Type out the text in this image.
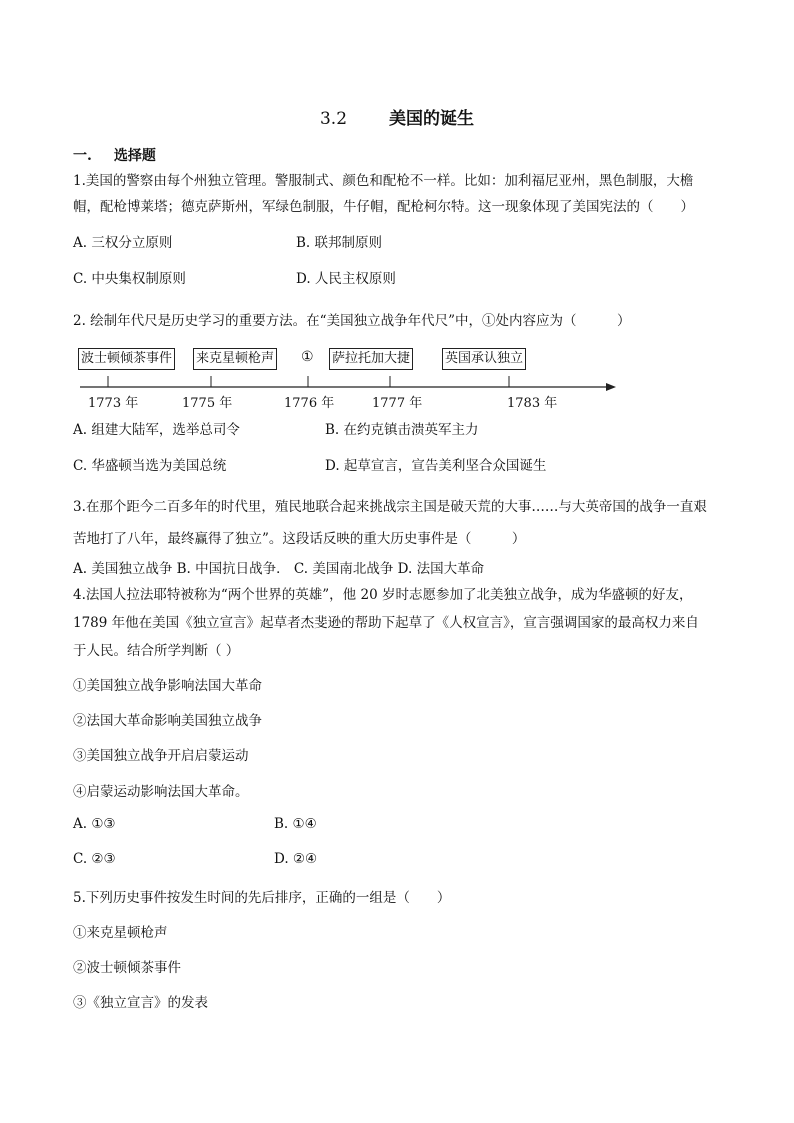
3.2 美国的诞生
一. 选择题
1.美国的警察由每个州独立管理。警服制式、颜色和配枪不一样。比如：加利福尼亚州，黑色制服，大檐
帽，配枪博莱塔；德克萨斯州，军绿色制服，牛仔帽，配枪柯尔特。这一现象体现了美国宪法的（　　）
A. 三权分立原则	B. 联邦制原则
C. 中央集权制原则	D. 人民主权原则
2. 绘制年代尺是历史学习的重要方法。在“美国独立战争年代尺”中，①处内容应为（　　　）
波士顿倾茶事件 来克星顿枪声 ① 萨拉托加大捷	英国承认独立
1773 年	1775 年	1776 年	1777 年	1783 年
A. 组建大陆军，选举总司令	B. 在约克镇击溃英军主力
C. 华盛顿当选为美国总统	D. 起草宣言，宣告美利坚合众国诞生
3.在那个距今二百多年的时代里，殖民地联合起来挑战宗主国是破天荒的大事……与大英帝国的战争一直艰
苦地打了八年，最终赢得了独立”。这段话反映的重大历史事件是（　　　）
A. 美国独立战争 B. 中国抗日战争． C. 美国南北战争 D. 法国大革命
4.法国人拉法耶特被称为“两个世界的英雄”，他 20 岁时志愿参加了北美独立战争，成为华盛顿的好友，
1789 年他在美国《独立宣言》起草者杰斐逊的帮助下起草了《人权宣言》，宣言强调国家的最高权力来自
于人民。结合所学判断（ ）
①美国独立战争影响法国大革命
②法国大革命影响美国独立战争
③美国独立战争开启启蒙运动
④启蒙运动影响法国大革命。
A. ①③	B. ①④
C. ②③	D. ②④
5.下列历史事件按发生时间的先后排序，正确的一组是（　　）
①来克星顿枪声
②波士顿倾茶事件
③《独立宣言》的发表
